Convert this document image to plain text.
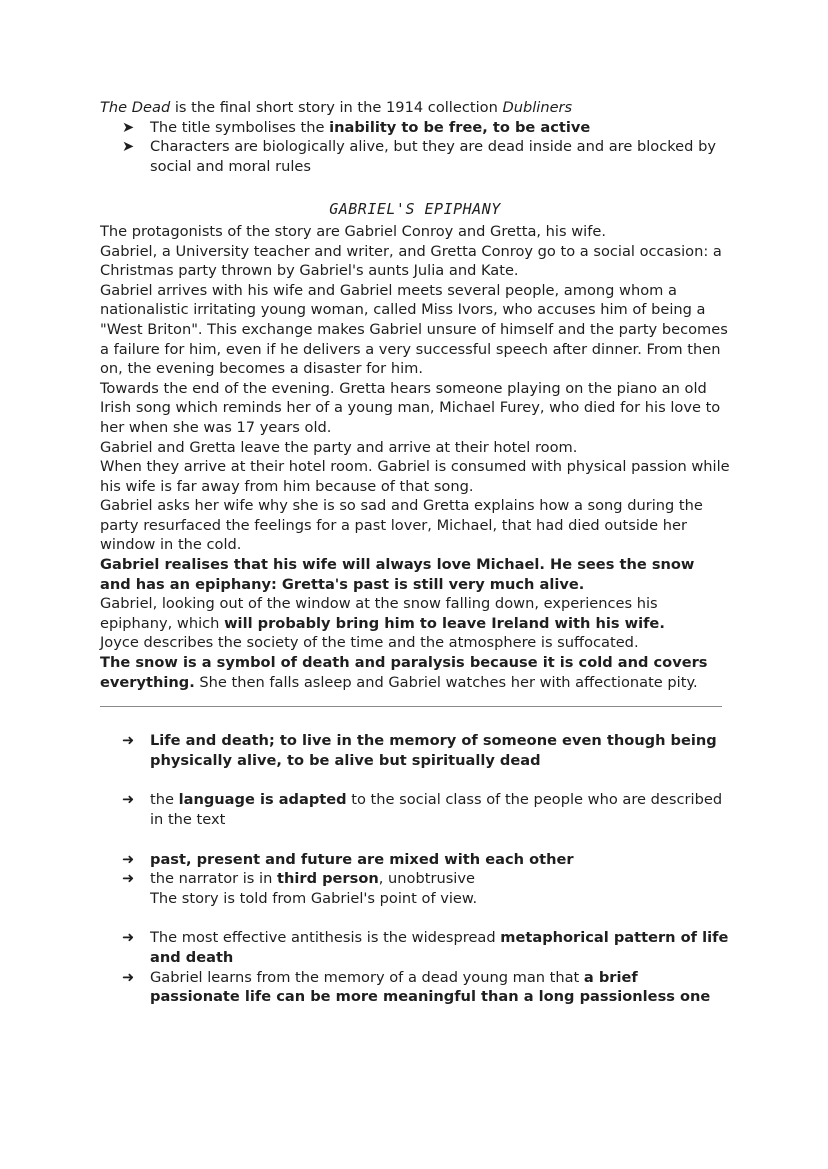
The Dead is the final short story in the 1914 collection Dubliners

➤	The title symbolises the inability to be free, to be active
➤	Characters are biologically alive, but they are dead inside and are blocked by social and moral rules
GABRIEL'S EPIPHANY

The protagonists of the story are Gabriel Conroy and Gretta, his wife.

Gabriel, a University teacher and writer, and Gretta Conroy go to a social occasion: a Christmas party thrown by Gabriel's aunts Julia and Kate.

Gabriel arrives with his wife and Gabriel meets several people, among whom a nationalistic irritating young woman, called Miss Ivors, who accuses him of being a "West Briton". This exchange makes Gabriel unsure of himself and the party becomes a failure for him, even if he delivers a very successful speech after dinner. From then on, the evening becomes a disaster for him.

Towards the end of the evening. Gretta hears someone playing on the piano an old Irish song which reminds her of a young man, Michael Furey, who died for his love to her when she was 17 years old.

Gabriel and Gretta leave the party and arrive at their hotel room.

When they arrive at their hotel room. Gabriel is consumed with physical passion while his wife is far away from him because of that song.

Gabriel asks her wife why she is so sad and Gretta explains how a song during the party resurfaced the feelings for a past lover, Michael, that had died outside her window in the cold.

Gabriel realises that his wife will always love Michael. He sees the snow and has an epiphany: Gretta's past is still very much alive.

Gabriel, looking out of the window at the snow falling down, experiences his epiphany, which will probably bring him to leave Ireland with his wife.

Joyce describes the society of the time and the atmosphere is suffocated.

The snow is a symbol of death and paralysis because it is cold and covers everything. She then falls asleep and Gabriel watches her with affectionate pity.

➜ Life and death; to live in the memory of someone even though being physically alive, to be alive but spiritually dead
➜ the language is adapted to the social class of the people who are described in the text
➜ past, present and future are mixed with each other
➜ the narrator is in third person, unobtrusive
The story is told from Gabriel's point of view.
➜ The most effective antithesis is the widespread metaphorical pattern of life and death
➜ Gabriel learns from the memory of a dead young man that a brief passionate life can be more meaningful than a long passionless one
